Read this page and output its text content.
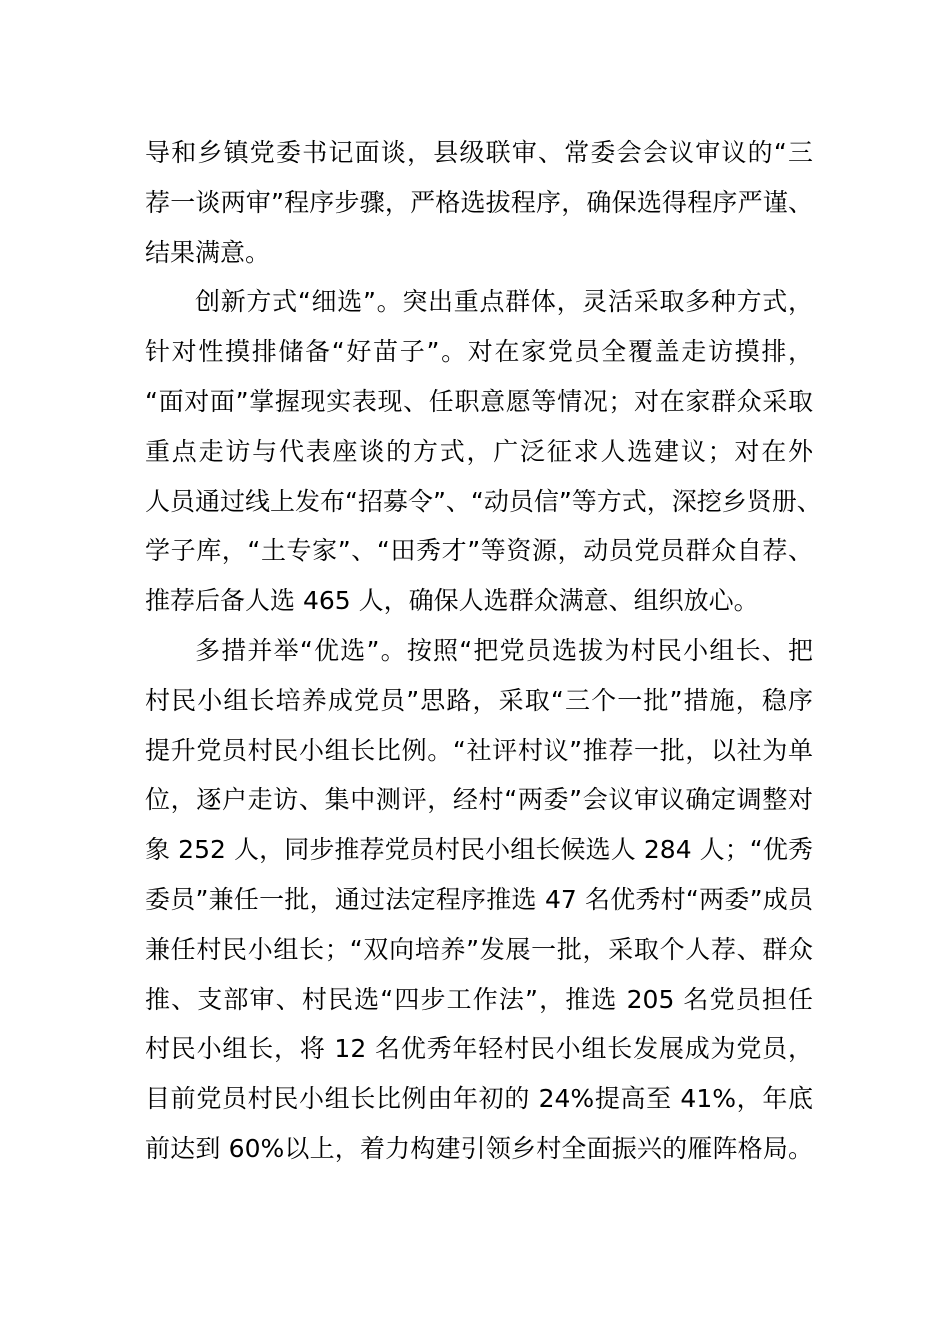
导和乡镇党委书记面谈，县级联审、常委会会议审议的“三
荐一谈两审”程序步骤，严格选拔程序，确保选得程序严谨、
结果满意。
创新方式“细选”。突出重点群体，灵活采取多种方式，
针对性摸排储备“好苗子”。对在家党员全覆盖走访摸排，
“面对面”掌握现实表现、任职意愿等情况；对在家群众采取
重点走访与代表座谈的方式，广泛征求人选建议；对在外
人员通过线上发布“招募令”、“动员信”等方式，深挖乡贤册、
学子库，“土专家”、“田秀才”等资源，动员党员群众自荐、
推荐后备人选 465 人，确保人选群众满意、组织放心。
多措并举“优选”。按照“把党员选拔为村民小组长、把
村民小组长培养成党员”思路，采取“三个一批”措施，稳序
提升党员村民小组长比例。“社评村议”推荐一批，以社为单
位，逐户走访、集中测评，经村“两委”会议审议确定调整对
象 252 人，同步推荐党员村民小组长候选人 284 人；“优秀
委员”兼任一批，通过法定程序推选 47 名优秀村“两委”成员
兼任村民小组长；“双向培养”发展一批，采取个人荐、群众
推、支部审、村民选“四步工作法”，推选 205 名党员担任
村民小组长，将 12 名优秀年轻村民小组长发展成为党员，
目前党员村民小组长比例由年初的 24%提高至 41%，年底
前达到 60%以上，着力构建引领乡村全面振兴的雁阵格局。
